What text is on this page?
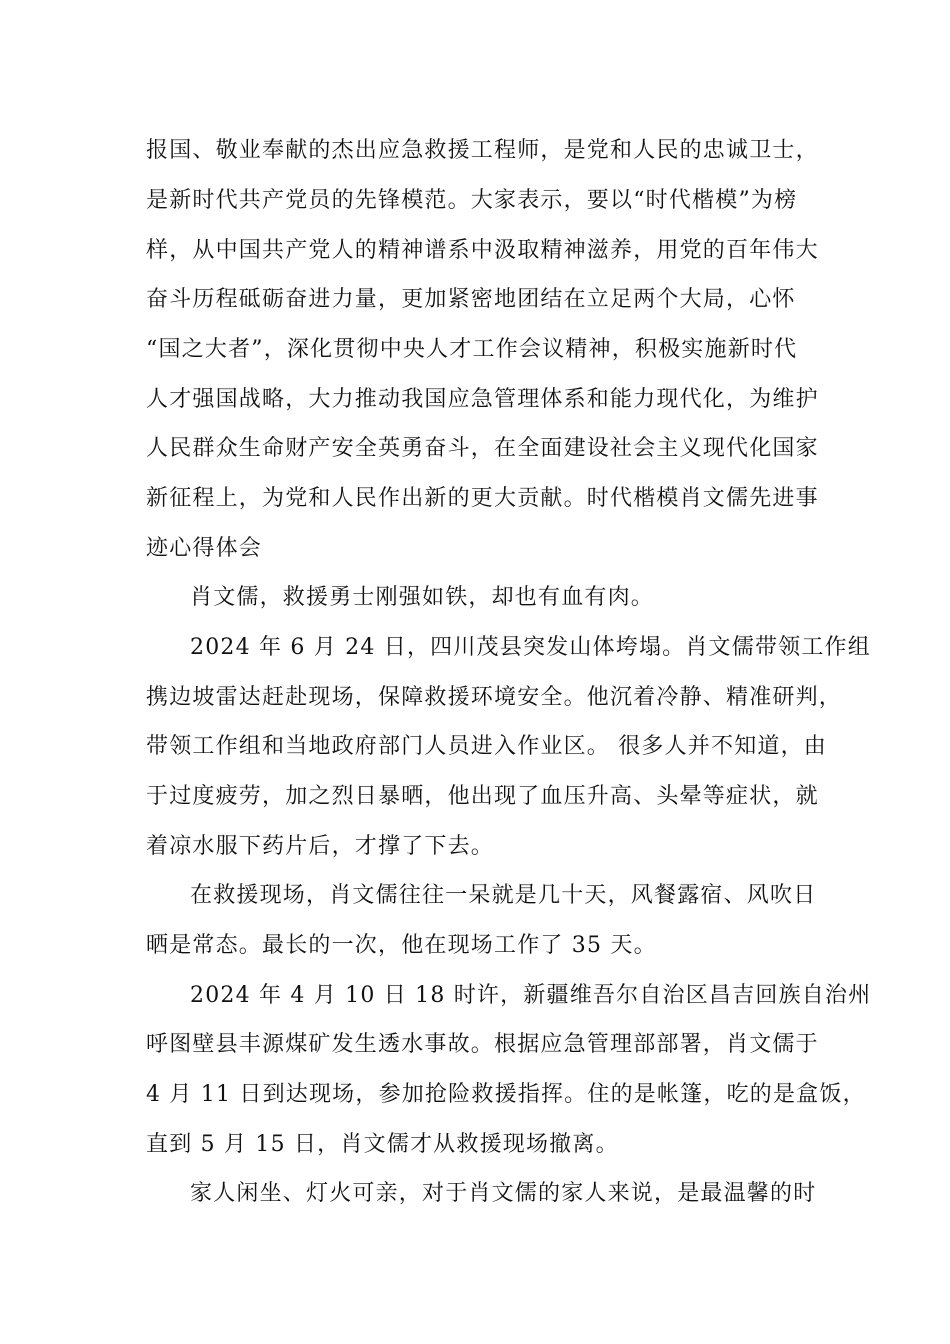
报国、敬业奉献的杰出应急救援工程师，是党和人民的忠诚卫士，
是新时代共产党员的先锋模范。大家表示，要以“时代楷模”为榜
样，从中国共产党人的精神谱系中汲取精神滋养，用党的百年伟大
奋斗历程砥砺奋进力量，更加紧密地团结在立足两个大局，心怀
“国之大者”，深化贯彻中央人才工作会议精神，积极实施新时代
人才强国战略，大力推动我国应急管理体系和能力现代化，为维护
人民群众生命财产安全英勇奋斗，在全面建设社会主义现代化国家
新征程上，为党和人民作出新的更大贡献。时代楷模肖文儒先进事
迹心得体会
肖文儒，救援勇士刚强如铁，却也有血有肉。
2024 年 6 月 24 日，四川茂县突发山体垮塌。肖文儒带领工作组
携边坡雷达赶赴现场，保障救援环境安全。他沉着冷静、精准研判，
带领工作组和当地政府部门人员进入作业区。 很多人并不知道，由
于过度疲劳，加之烈日暴晒，他出现了血压升高、头晕等症状，就
着凉水服下药片后，才撑了下去。
在救援现场，肖文儒往往一呆就是几十天，风餐露宿、风吹日
晒是常态。最长的一次，他在现场工作了 35 天。
2024 年 4 月 10 日 18 时许，新疆维吾尔自治区昌吉回族自治州
呼图壁县丰源煤矿发生透水事故。根据应急管理部部署，肖文儒于
4 月 11 日到达现场，参加抢险救援指挥。住的是帐篷，吃的是盒饭，
直到 5 月 15 日，肖文儒才从救援现场撤离。
家人闲坐、灯火可亲，对于肖文儒的家人来说，是最温馨的时
